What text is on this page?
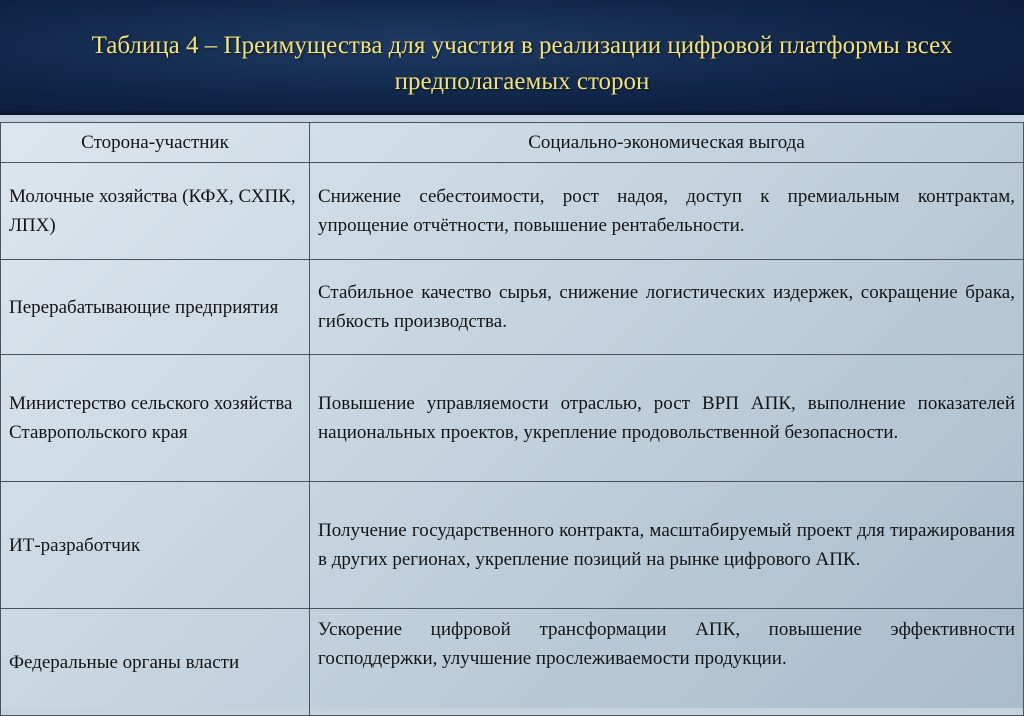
Таблица 4 – Преимущества для участия в реализации цифровой платформы всех предполагаемых сторон
Сторона-участник	Социально-экономическая выгода
Молочные хозяйства (КФХ, СХПК, ЛПХ)	Снижение себестоимости, рост надоя, доступ к премиальным контрактам, упрощение отчётности, повышение рентабельности.
Перерабатывающие предприятия	Стабильное качество сырья, снижение логистических издержек, сокращение брака, гибкость производства.
Министерство сельского хозяйства Ставропольского края	Повышение управляемости отраслью, рост ВРП АПК, выполнение показателей национальных проектов, укрепление продовольственной безопасности.
ИТ-разработчик	Получение государственного контракта, масштабируемый проект для тиражирования в других регионах, укрепление позиций на рынке цифрового АПК.
Федеральные органы власти	Ускорение цифровой трансформации АПК, повышение эффективности господдержки, улучшение прослеживаемости продукции.
